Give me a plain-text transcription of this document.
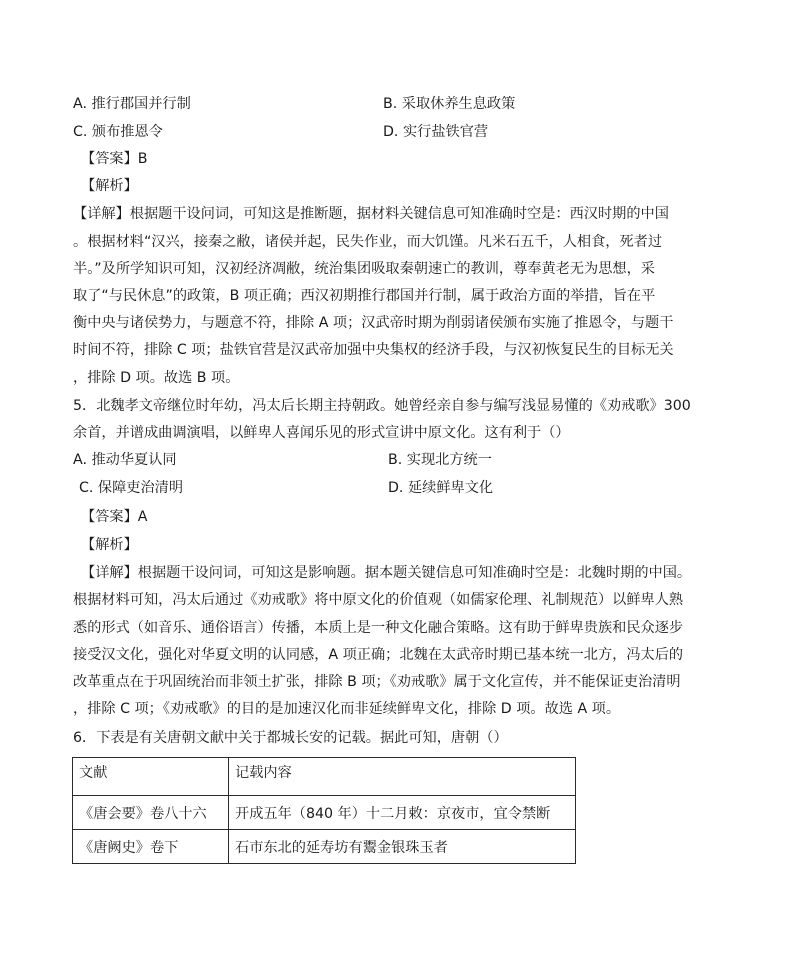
A. 推行郡国并行制	B. 采取休养生息政策
C. 颁布推恩令	D. 实行盐铁官营
【答案】B
【解析】
【详解】根据题干设问词，可知这是推断题，据材料关键信息可知准确时空是：西汉时期的中国
。根据材料“汉兴，接秦之敝，诸侯并起，民失作业，而大饥馑。凡米石五千，人相食，死者过
半。”及所学知识可知，汉初经济凋敝，统治集团吸取秦朝速亡的教训，尊奉黄老无为思想，采
取了“与民休息”的政策，B 项正确；西汉初期推行郡国并行制，属于政治方面的举措，旨在平
衡中央与诸侯势力，与题意不符，排除 A 项；汉武帝时期为削弱诸侯颁布实施了推恩令，与题干
时间不符，排除 C 项；盐铁官营是汉武帝加强中央集权的经济手段，与汉初恢复民生的目标无关
，排除 D 项。故选 B 项。
5．北魏孝文帝继位时年幼，冯太后长期主持朝政。她曾经亲自参与编写浅显易懂的《劝戒歌》300
余首，并谱成曲调演唱，以鲜卑人喜闻乐见的形式宣讲中原文化。这有利于（）
A. 推动华夏认同	B. 实现北方统一
C. 保障吏治清明	D. 延续鲜卑文化
【答案】A
【解析】
【详解】根据题干设问词，可知这是影响题。据本题关键信息可知准确时空是：北魏时期的中国。
根据材料可知，冯太后通过《劝戒歌》将中原文化的价值观（如儒家伦理、礼制规范）以鲜卑人熟
悉的形式（如音乐、通俗语言）传播，本质上是一种文化融合策略。这有助于鲜卑贵族和民众逐步
接受汉文化，强化对华夏文明的认同感，A 项正确；北魏在太武帝时期已基本统一北方，冯太后的
改革重点在于巩固统治而非领土扩张，排除 B 项；《劝戒歌》属于文化宣传，并不能保证吏治清明
，排除 C 项；《劝戒歌》的目的是加速汉化而非延续鲜卑文化，排除 D 项。故选 A 项。
6．下表是有关唐朝文献中关于都城长安的记载。据此可知，唐朝（）
文献	记载内容
《唐会要》卷八十六	开成五年（840 年）十二月敕：京夜市，宜令禁断
《唐阙史》卷下	石市东北的延寿坊有鬻金银珠玉者
